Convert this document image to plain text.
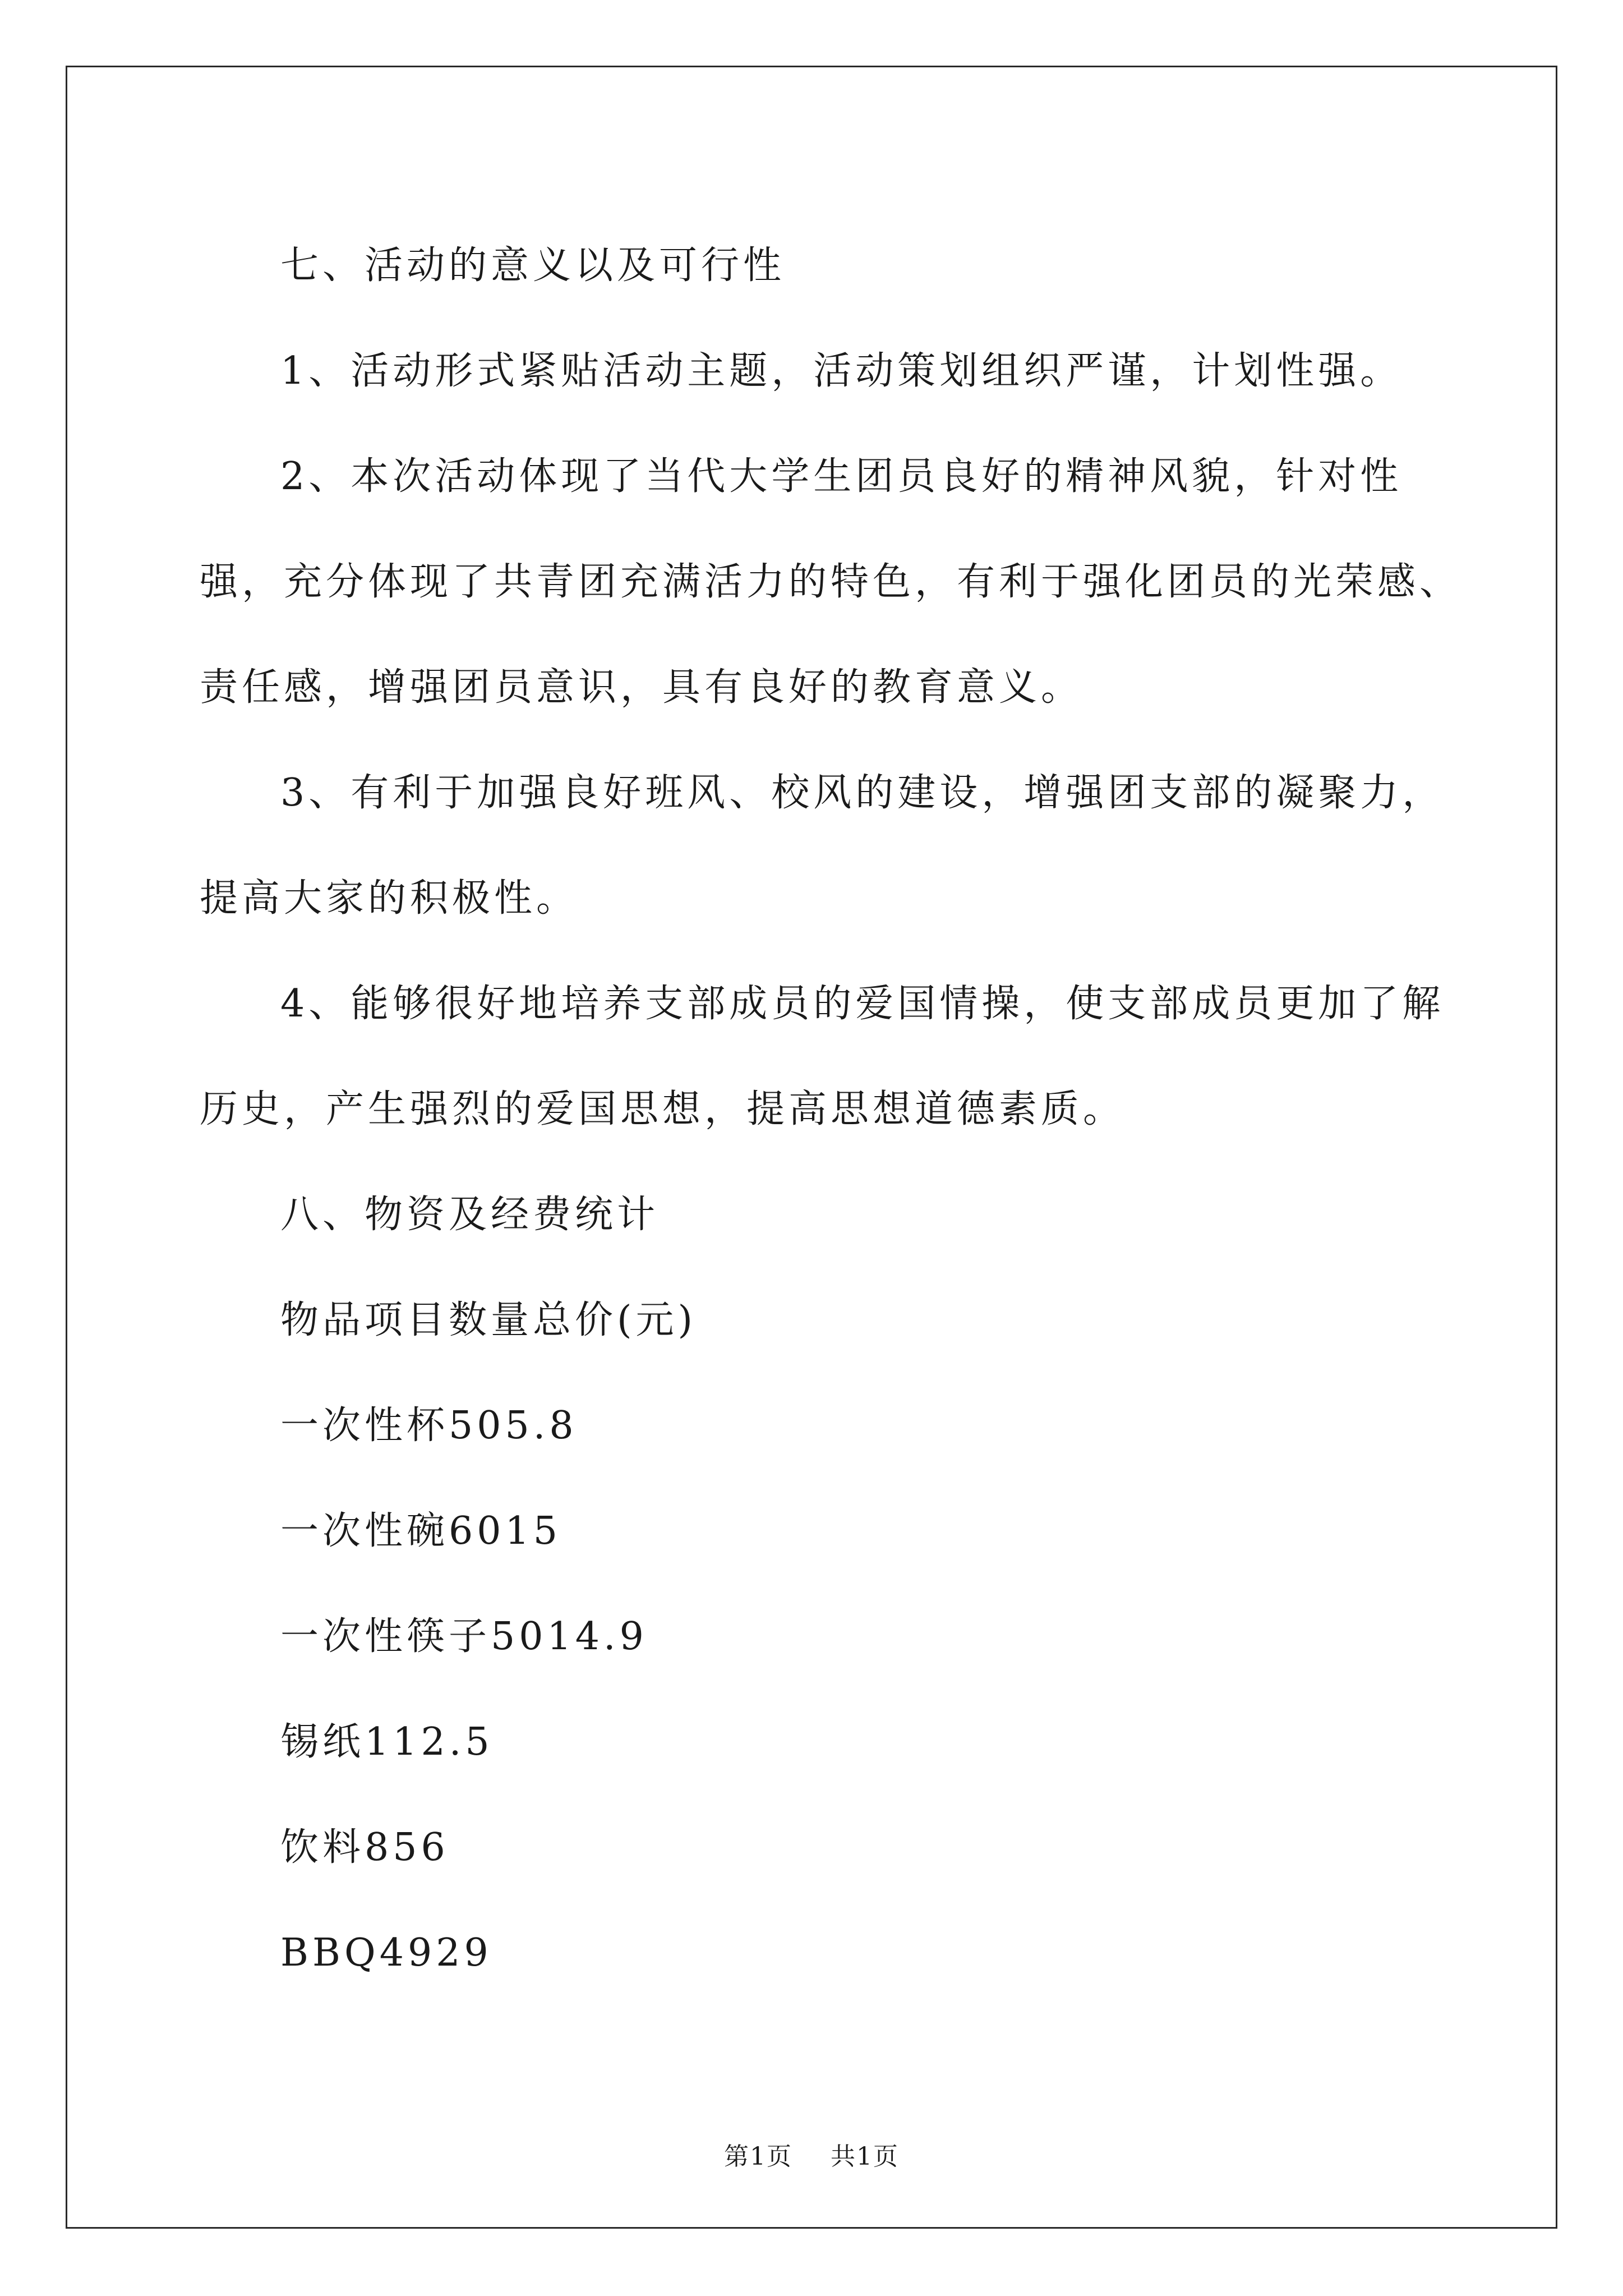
七、活动的意义以及可行性

1、活动形式紧贴活动主题，活动策划组织严谨，计划性强。

2、本次活动体现了当代大学生团员良好的精神风貌，针对性强，充分体现了共青团充满活力的特色，有利于强化团员的光荣感、责任感，增强团员意识，具有良好的教育意义。

3、有利于加强良好班风、校风的建设，增强团支部的凝聚力，提高大家的积极性。

4、能够很好地培养支部成员的爱国情操，使支部成员更加了解历史，产生强烈的爱国思想，提高思想道德素质。

八、物资及经费统计

物品项目数量总价(元)

一次性杯505.8

一次性碗6015

一次性筷子5014.9

锡纸112.5

饮料856

BBQ4929

第1页 共1页
